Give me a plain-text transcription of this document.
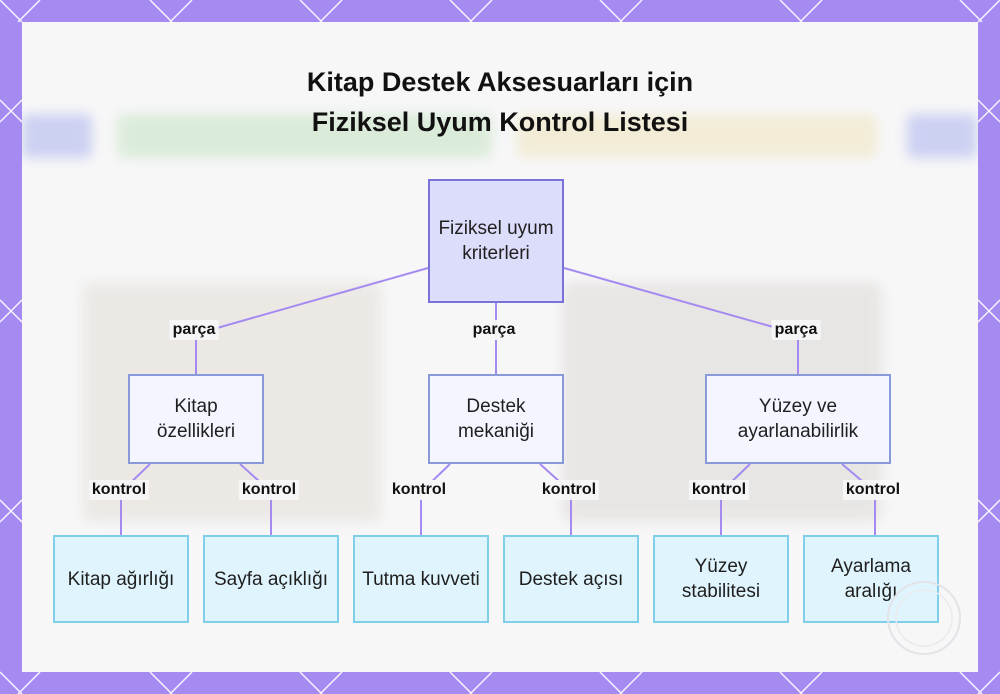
Kitap Destek Aksesuarları için
Fiziksel Uyum Kontrol Listesi
Fiziksel uyum kriterleri
Kitap özellikleri
Destek mekaniği
Yüzey ve ayarlanabilirlik
Kitap ağırlığı	Sayfa açıklığı	Tutma kuvveti	Destek açısı
Yüzey stabilitesi
Ayarlama aralığı
parça	parça	parça
kontrol	kontrol	kontrol	kontrol	kontrol	kontrol
